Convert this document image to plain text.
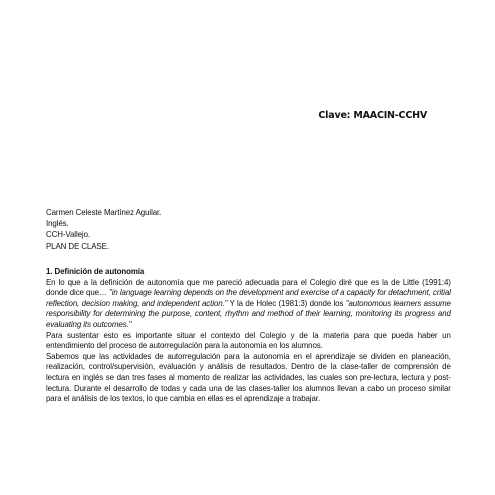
Clave: MAACIN-CCHV
Carmen Celeste Martínez Aguilar.
Inglés.
CCH-Vallejo.
PLAN DE CLASE.
1. Definición de autonomía

En lo que a la definición de autonomía que me pareció adecuada para el Colegio diré que es la de Little (1991:4) donde dice que… "in language learning depends on the development and exercise of a capacity for detachment, critial reflection, decision making, and independent action." Y la de Holec (1981:3) donde los "autonomous learners assume responsibility for determining the purpose, content, rhythm and method of their learning, monitoring its progress and evaluating its outcomes."

Para sustentar esto es importante situar el contexto del Colegio y de la materia para que pueda haber un entendimiento del proceso de autorregulación para la autonomía en los alumnos.

Sabemos que las actividades de autorregulación para la autonomía en el aprendizaje se dividen en planeación, realización, control/supervisión, evaluación y análisis de resultados. Dentro de la clase-taller de comprensión de lectura en inglés se dan tres fases al momento de realizar las actividades, las cuales son pre-lectura, lectura y post-lectura. Durante el desarrollo de todas y cada una de las clases-taller los alumnos llevan a cabo un proceso similar para el análisis de los textos, lo que cambia en ellas es el aprendizaje a trabajar.
